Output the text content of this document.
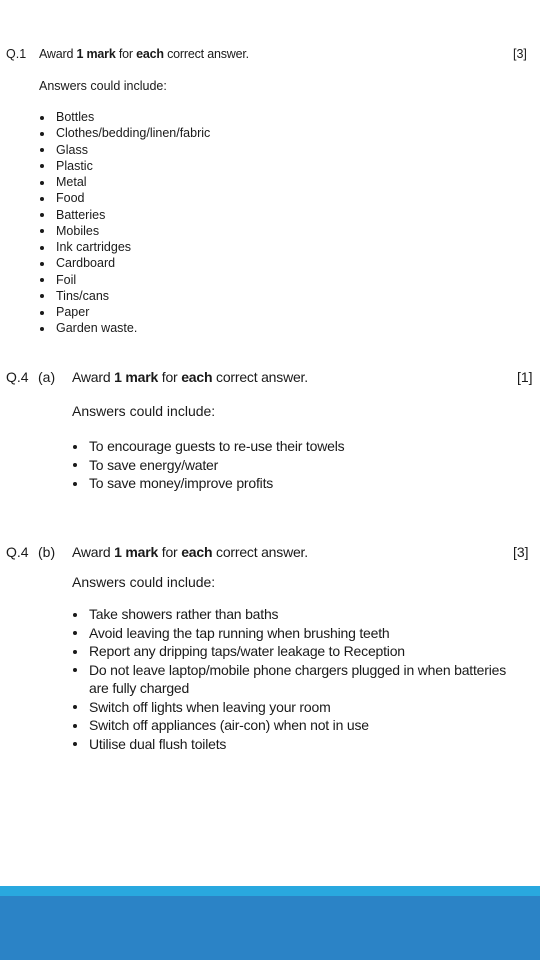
Q.1 Award 1 mark for each correct answer.	[3]
Answers could include:
Bottles
Clothes/bedding/linen/fabric
Glass
Plastic
Metal
Food
Batteries
Mobiles
Ink cartridges
Cardboard
Foil
Tins/cans
Paper
Garden waste.
Q.4 (a) Award 1 mark for each correct answer.	[1]
Answers could include:
To encourage guests to re-use their towels
To save energy/water
To save money/improve profits
Q.4 (b) Award 1 mark for each correct answer.	[3]
Answers could include:
Take showers rather than baths
Avoid leaving the tap running when brushing teeth
Report any dripping taps/water leakage to Reception
Do not leave laptop/mobile phone chargers plugged in when batteries are fully charged
Switch off lights when leaving your room
Switch off appliances (air-con) when not in use
Utilise dual flush toilets
